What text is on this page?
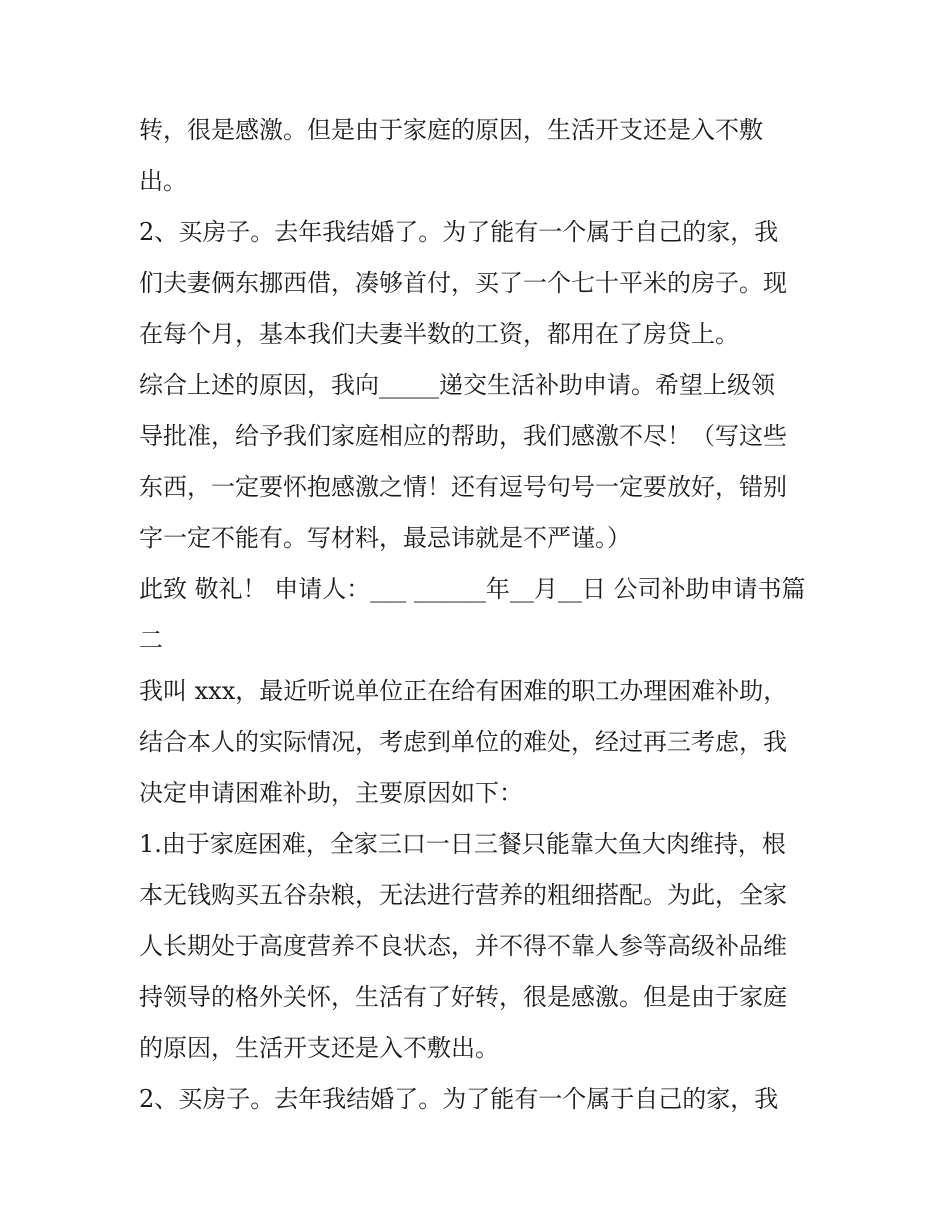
转，很是感激。但是由于家庭的原因，生活开支还是入不敷
出。
2、买房子。去年我结婚了。为了能有一个属于自己的家，我
们夫妻俩东挪西借，凑够首付，买了一个七十平米的房子。现
在每个月，基本我们夫妻半数的工资，都用在了房贷上。
综合上述的原因，我向_____递交生活补助申请。希望上级领
导批准，给予我们家庭相应的帮助，我们感激不尽！（写这些
东西，一定要怀抱感激之情！还有逗号句号一定要放好，错别
字一定不能有。写材料，最忌讳就是不严谨。）
此致 敬礼！ 申请人：___ ______年__月__日 公司补助申请书篇
二
我叫 xxx，最近听说单位正在给有困难的职工办理困难补助，
结合本人的实际情况，考虑到单位的难处，经过再三考虑，我
决定申请困难补助，主要原因如下：
1.由于家庭困难，全家三口一日三餐只能靠大鱼大肉维持，根
本无钱购买五谷杂粮，无法进行营养的粗细搭配。为此，全家
人长期处于高度营养不良状态，并不得不靠人参等高级补品维
持领导的格外关怀，生活有了好转，很是感激。但是由于家庭
的原因，生活开支还是入不敷出。
2、买房子。去年我结婚了。为了能有一个属于自己的家，我
